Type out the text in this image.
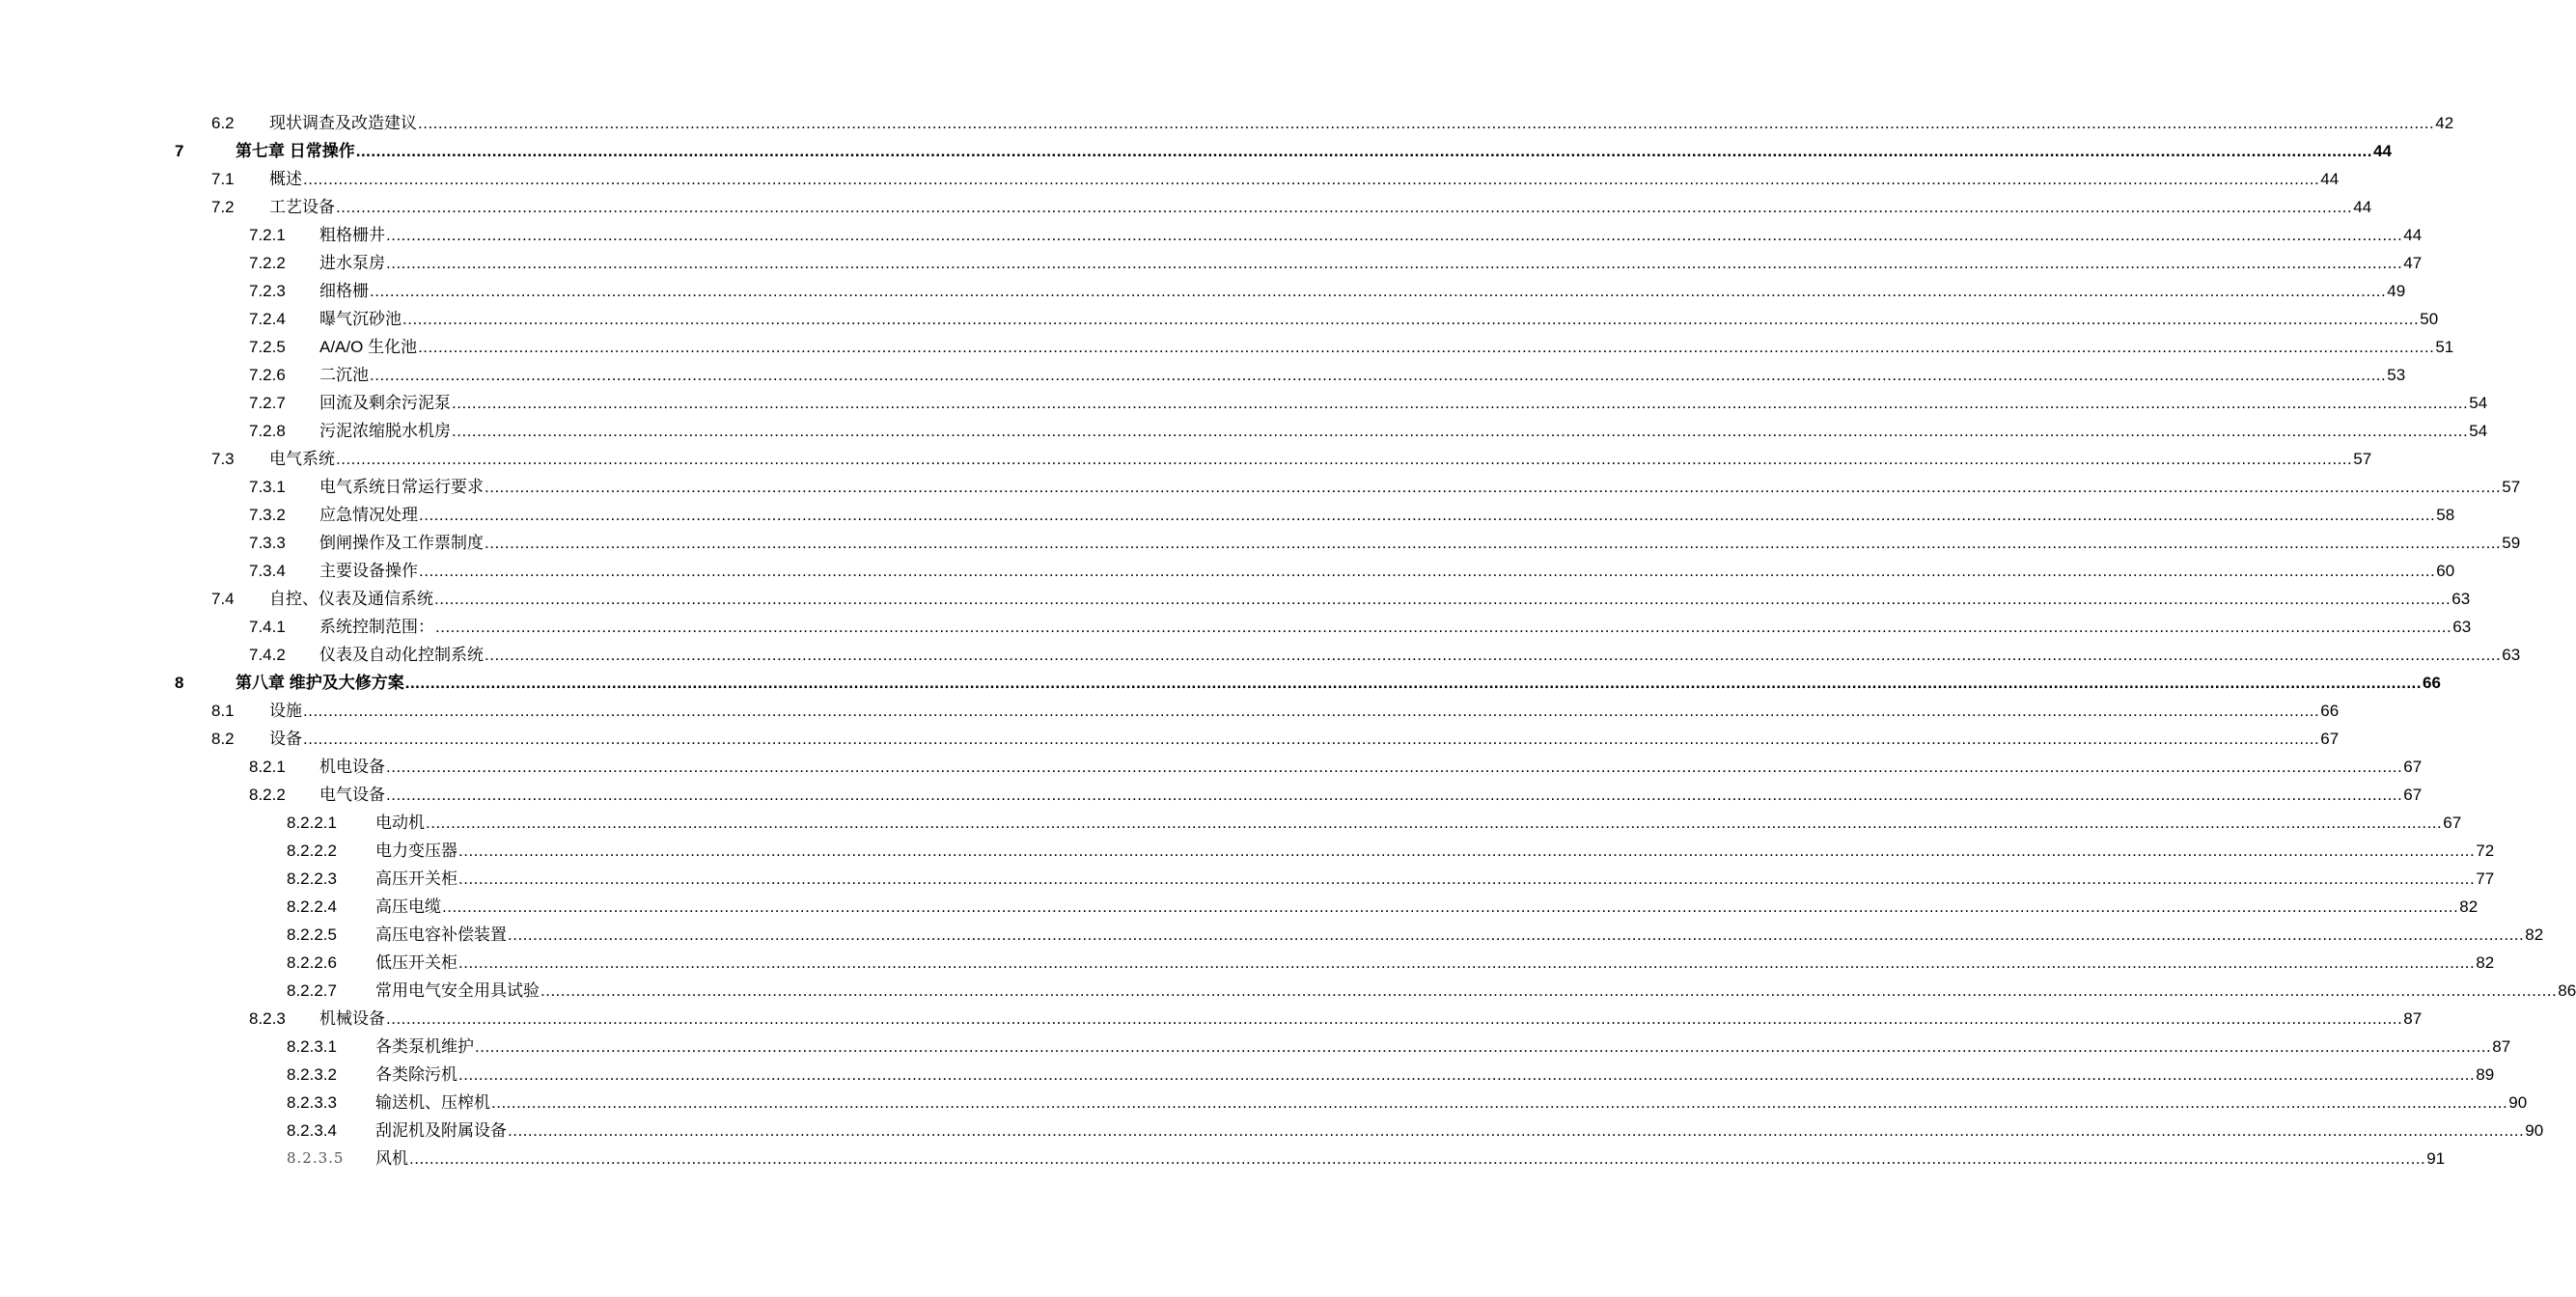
6.2 现状调查及改造建议 ................................................................................................................................................................................................................................................................................................................................................................................................................ 42
7	第七章 日常操作 ................................................................................................................................................................................................................................................................................................................................................................................................................ 44
7.1 概述 ................................................................................................................................................................................................................................................................................................................................................................................................................ 44
7.2 工艺设备 ................................................................................................................................................................................................................................................................................................................................................................................................................ 44
7.2.1 粗格栅井 ................................................................................................................................................................................................................................................................................................................................................................................................................ 44
7.2.2 进水泵房 ................................................................................................................................................................................................................................................................................................................................................................................................................ 47
7.2.3 细格栅 ................................................................................................................................................................................................................................................................................................................................................................................................................ 49
7.2.4 曝气沉砂池 ................................................................................................................................................................................................................................................................................................................................................................................................................ 50
7.2.5 A/A/O 生化池 ................................................................................................................................................................................................................................................................................................................................................................................................................ 51
7.2.6 二沉池 ................................................................................................................................................................................................................................................................................................................................................................................................................ 53
7.2.7 回流及剩余污泥泵 ................................................................................................................................................................................................................................................................................................................................................................................................................ 54
7.2.8 污泥浓缩脱水机房 ................................................................................................................................................................................................................................................................................................................................................................................................................ 54
7.3 电气系统 ................................................................................................................................................................................................................................................................................................................................................................................................................ 57
7.3.1 电气系统日常运行要求 ................................................................................................................................................................................................................................................................................................................................................................................................................ 57
7.3.2 应急情况处理 ................................................................................................................................................................................................................................................................................................................................................................................................................ 58
7.3.3 倒闸操作及工作票制度 ................................................................................................................................................................................................................................................................................................................................................................................................................ 59
7.3.4 主要设备操作 ................................................................................................................................................................................................................................................................................................................................................................................................................ 60
7.4 自控、仪表及通信系统 ................................................................................................................................................................................................................................................................................................................................................................................................................ 63
7.4.1 系统控制范围： ................................................................................................................................................................................................................................................................................................................................................................................................................ 63
7.4.2 仪表及自动化控制系统 ................................................................................................................................................................................................................................................................................................................................................................................................................ 63
8	第八章 维护及大修方案 ................................................................................................................................................................................................................................................................................................................................................................................................................ 66
8.1 设施 ................................................................................................................................................................................................................................................................................................................................................................................................................ 66
8.2 设备 ................................................................................................................................................................................................................................................................................................................................................................................................................ 67
8.2.1 机电设备 ................................................................................................................................................................................................................................................................................................................................................................................................................ 67
8.2.2 电气设备 ................................................................................................................................................................................................................................................................................................................................................................................................................ 67
8.2.2.1 电动机 ................................................................................................................................................................................................................................................................................................................................................................................................................ 67
8.2.2.2 电力变压器 ................................................................................................................................................................................................................................................................................................................................................................................................................ 72
8.2.2.3 高压开关柜 ................................................................................................................................................................................................................................................................................................................................................................................................................ 77
8.2.2.4 高压电缆 ................................................................................................................................................................................................................................................................................................................................................................................................................ 82
8.2.2.5 高压电容补偿装置 ................................................................................................................................................................................................................................................................................................................................................................................................................ 82
8.2.2.6 低压开关柜 ................................................................................................................................................................................................................................................................................................................................................................................................................ 82
8.2.2.7 常用电气安全用具试验 ................................................................................................................................................................................................................................................................................................................................................................................................................ 86
8.2.3 机械设备 ................................................................................................................................................................................................................................................................................................................................................................................................................ 87
8.2.3.1 各类泵机维护 ................................................................................................................................................................................................................................................................................................................................................................................................................ 87
8.2.3.2 各类除污机 ................................................................................................................................................................................................................................................................................................................................................................................................................ 89
8.2.3.3 输送机、压榨机 ................................................................................................................................................................................................................................................................................................................................................................................................................ 90
8.2.3.4 刮泥机及附属设备 ................................................................................................................................................................................................................................................................................................................................................................................................................ 90
8.2.3.5 风机 ................................................................................................................................................................................................................................................................................................................................................................................................................ 91
